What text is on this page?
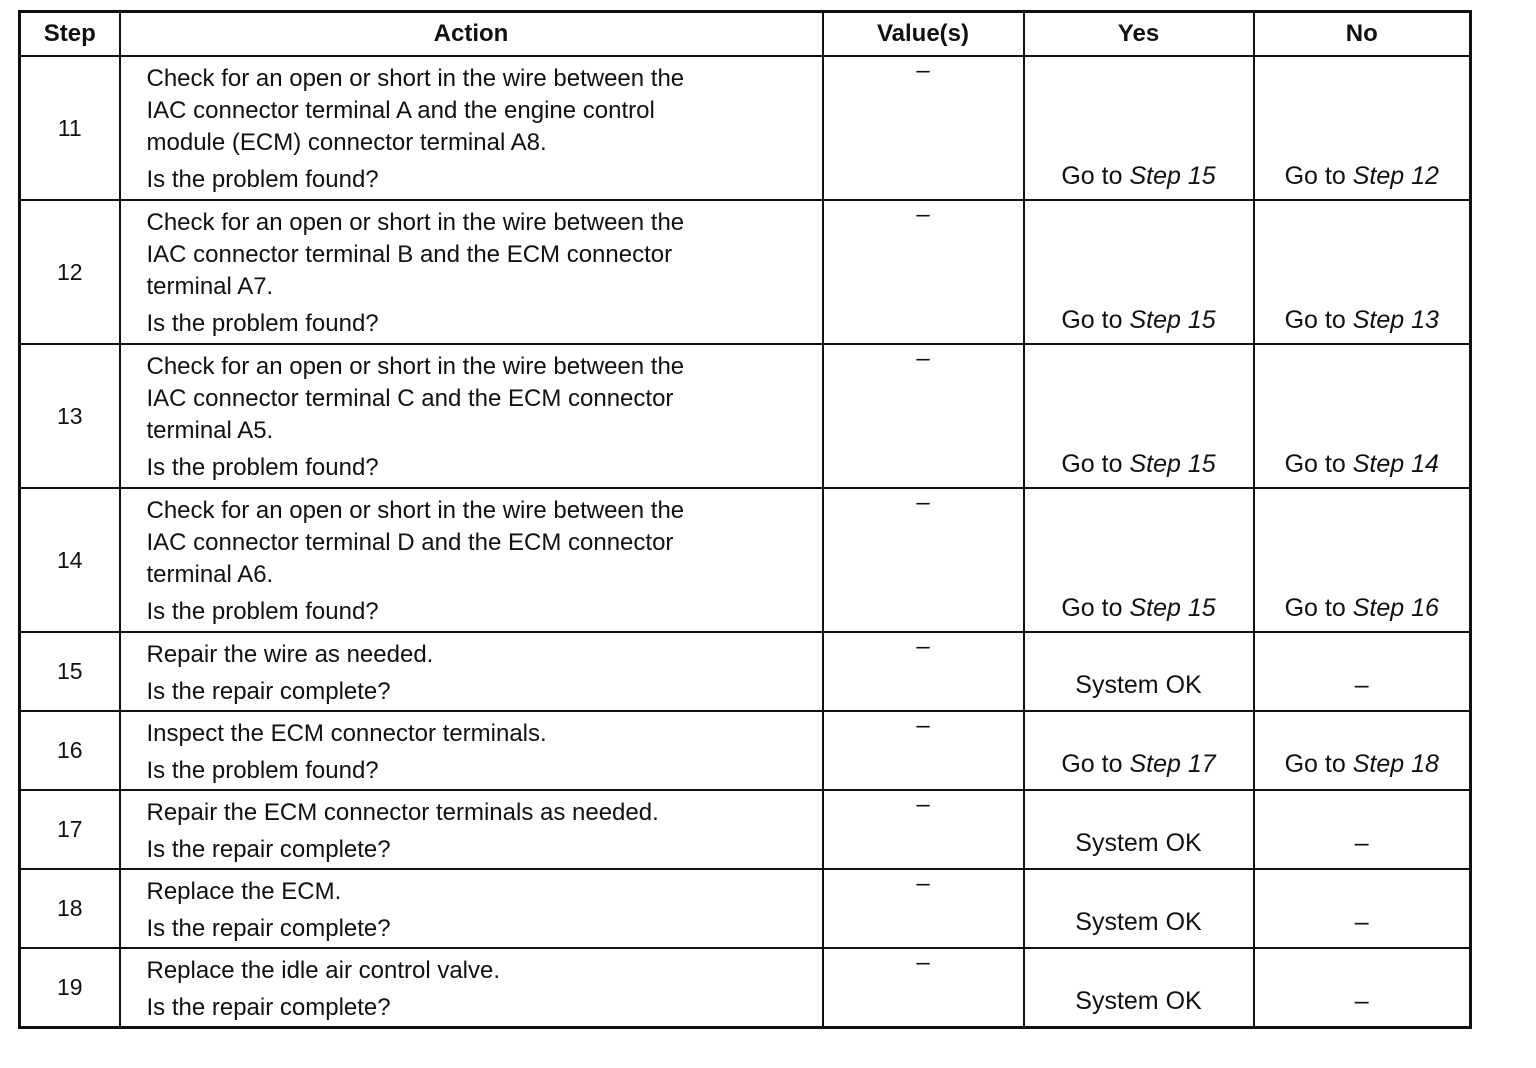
Step	Action	Value(s)	Yes	No
11	Check for an open or short in the wire between the
IAC connector terminal A and the engine control
module (ECM) connector terminal A8.
Is the problem found?	–	Go to Step 15	Go to Step 12
12	Check for an open or short in the wire between the
IAC connector terminal B and the ECM connector
terminal A7.
Is the problem found?	–	Go to Step 15	Go to Step 13
13	Check for an open or short in the wire between the
IAC connector terminal C and the ECM connector
terminal A5.
Is the problem found?	–	Go to Step 15	Go to Step 14
14	Check for an open or short in the wire between the
IAC connector terminal D and the ECM connector
terminal A6.
Is the problem found?	–	Go to Step 15	Go to Step 16
15	Repair the wire as needed.
Is the repair complete?	–	System OK	–
16	Inspect the ECM connector terminals.
Is the problem found?	–	Go to Step 17	Go to Step 18
17	Repair the ECM connector terminals as needed.
Is the repair complete?	–	System OK	–
18	Replace the ECM.
Is the repair complete?	–	System OK	–
19	Replace the idle air control valve.
Is the repair complete?	–	System OK	–
